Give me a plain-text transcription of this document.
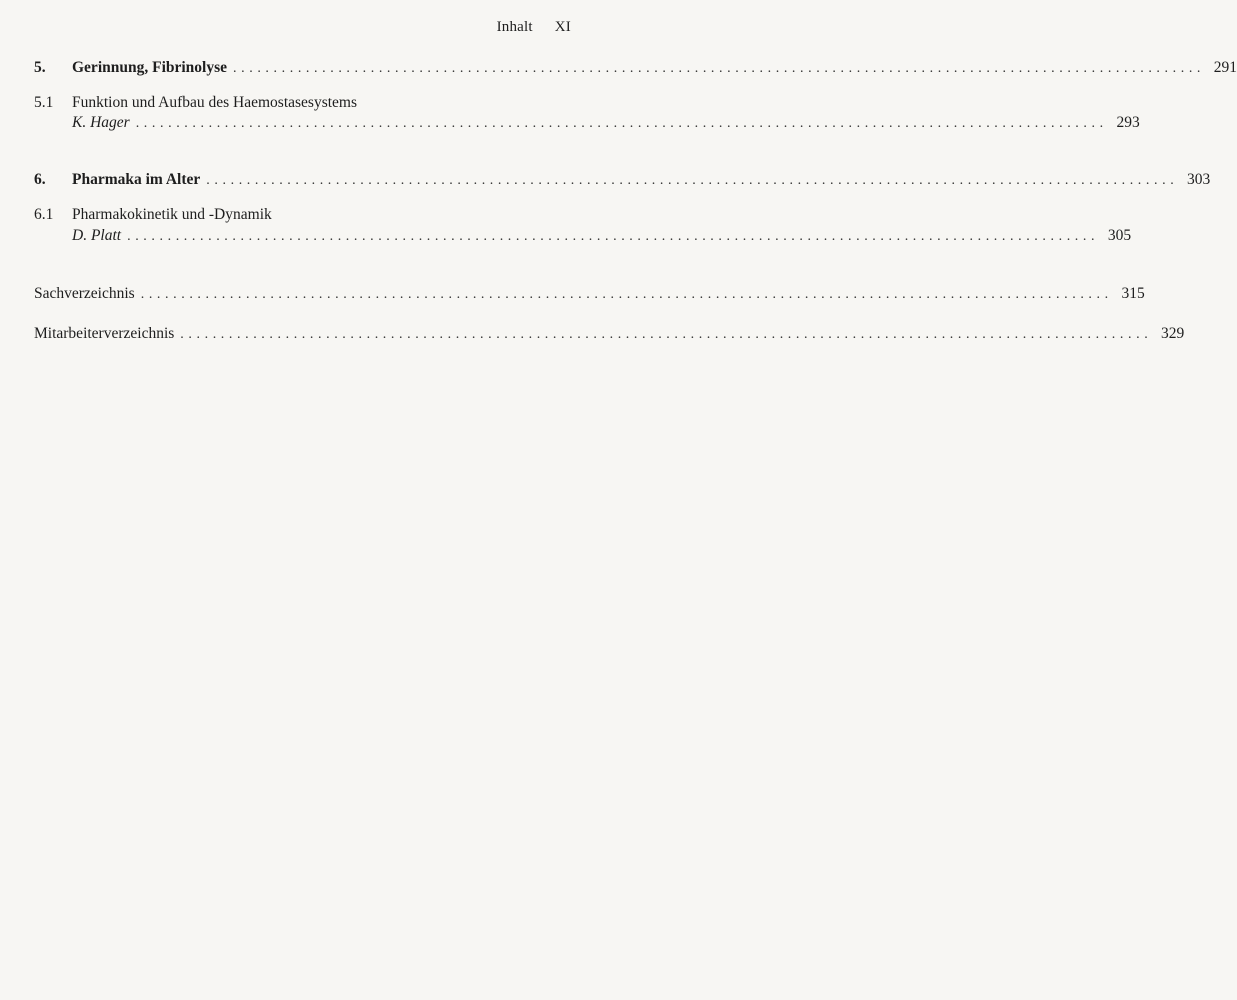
Inhalt XI
5.	Gerinnung, Fibrinolyse ........................................................................................................................ 291
5.1	Funktion und Aufbau des Haemostasesystems
K. Hager ........................................................................................................................ 293
6.	Pharmaka im Alter ........................................................................................................................ 303
6.1	Pharmakokinetik und -Dynamik
D. Platt ........................................................................................................................ 305
Sachverzeichnis ........................................................................................................................ 315
Mitarbeiterverzeichnis ........................................................................................................................ 329
